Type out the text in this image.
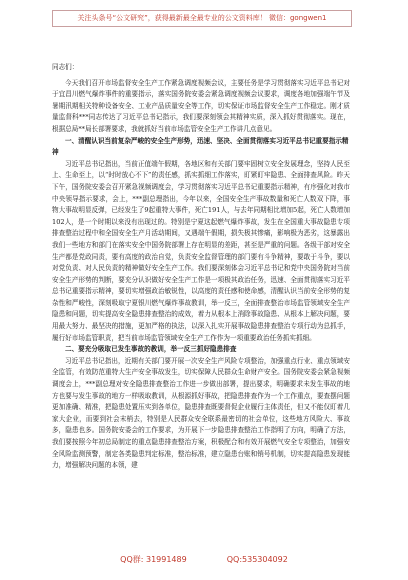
关注头条号“公文研究”，获得最新最全最专业的公文资料库！ 微信：gongwen1

同志们：

今天我们召开市场监督安全生产工作紧急调度视频会议，主要任务是学习贯彻落实习近平总书记对于宜昌川燃气爆炸事件的重要指示，落实国务院安委会紧急调度视频会议要求，调度各地加强端午节及暑期汛期相关特种设备安全、工业产品质量安全等工作，切实保证市场监督安全生产工作稳定。刚才质量监督科***同志传达了习近平总书记指示，我们要深刻领会其精神实质，深入抓好贯彻落实。现在，根据总局**局长部署要求，我就抓好当前市场监管安全生产工作讲几点意见。

一、清醒认识当前复杂严峻的安全生产形势，迅速、坚决、全面贯彻落实习近平总书记重要指示精神

习近平总书记指出，当前正值端午假期，各地区和有关部门要牢固树立安全发展理念，坚持人民至上、生命至上，以“时时放心不下”的责任感，抓实抓细工作落实，盯紧盯牢隐患、全面排查风险。昨天下午，国务院安委会召开紧急视频调度会，学习贯彻落实习近平总书记重要指示精神，有序强化对我市中央领导指示要求，会上，***副总理指出，今年以来，全国安全生产事故数量和死亡人数双下降，事物大事故明显反弹，已经发生了9起重特大事件，死亡191人，与去年同期相比增加5起，死亡人数增加102人，是一个时期以来没有出现过的。特别是宁夏这起燃气爆炸事故，发生在全国重大事故隐患专项排查整治过程中和全国安全生产月活动期间，又遇端午假期，损失极其惨痛，影响极为恶劣，这暴露出我们一些地方和部门在落实安全中国务院部署上存在明显的差距，甚至是严重的问题。各级干部对安全生产都是党政同责，要有高度的政治自觉，负责安全监督管理的部门要有斗争精神，要敢于斗争，要以对党负责、对人民负责的精神做好安全生产工作。我们要深刻体会习近平总书记和党中央国务院对当前安全生产形势的判断，要充分认识做好安全生产工作是一项极其政治任务，迅速、全面贯彻落实习近平总书记重要指示精神，要切实增强政治敏锐性，以高度的责任感和使命感，清醒认识当前安全形势的复杂性和严峻性，深刻吸取宁夏银川燃气爆炸事故教训，举一反三，全面排查整治市场监管领域安全生产隐患和问题，切实提高安全隐患排查整治的成效，着力从根本上消除事故隐患、从根本上解决问题，要用最大努力、最坚决的措施，更加严格的执法，以深入扎实开展事故隐患排查整治专项行动为总抓手，履行好市场监管职责，把当前市场监管领域安全生产工作作为一项重要政治任务抓实抓细。

二、要充分吸取已发生事故的教训，举一反三抓好隐患排查

习近平总书记指出，近期有关部门要开展一次安全生产风险专项整治，加强重点行业、重点领域安全监管，有效防范重特大生产安全事故发生，切实保障人民群众生命财产安全。国务院安委会紧急视频调度会上，***副总理对安全隐患排查整治工作进一步做出部署，提出要求，明确要求未发生事故的地方也要与发生事故的地方一样吸取教训，从根源抓好事故，把隐患排查作为一个工作重点，要查摆问题更加准确、精准，把隐患处置压实到各单位，隐患排查既要督促企业履行主体责任，但又不能仅盯着几家大企业，而要到社会末梢去，特别是人民群众安全联系最密切的社会单位，这些地方风险大、事故多，隐患也多。国务院安委会的工作要求，为开展下一步隐患排查整治工作指明了方向，明确了方法，我们要按照今年初总局制定的重点隐患排查整治方案，积极配合和有效开展燃气安全专项整治，加强安全风险监测预警，制定各类隐患判定标准，整治标准，建立隐患台账和销号机制，切实提高隐患发现能力，增强解决问题的本领，建

QQ群: 31991489	QQ:535304092
